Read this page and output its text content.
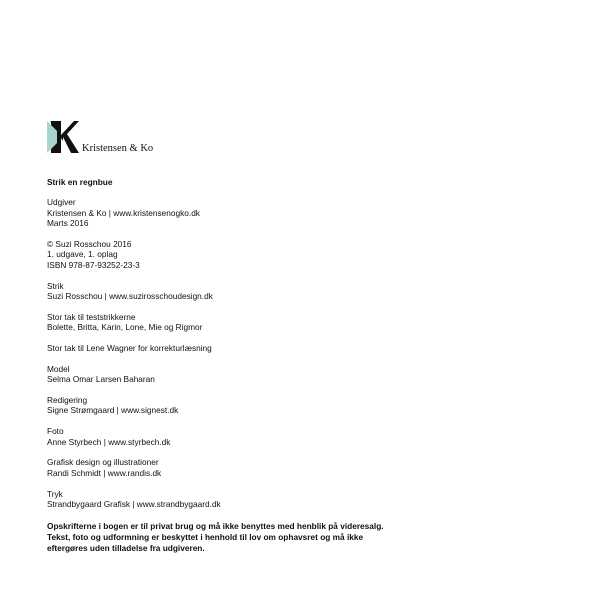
Kristensen & Ko
Strik en regnbue
Udgiver
Kristensen & Ko | www.kristensenogko.dk
Marts 2016
© Suzi Rosschou 2016
1. udgave, 1. oplag
ISBN 978-87-93252-23-3
Strik
Suzi Rosschou | www.suzirosschoudesign.dk
Stor tak til teststrikkerne
Bolette, Britta, Karin, Lone, Mie og Rigmor
Stor tak til Lene Wagner for korrekturlæsning
Model
Selma Omar Larsen Baharan
Redigering
Signe Strømgaard | www.signest.dk
Foto
Anne Styrbech | www.styrbech.dk
Grafisk design og illustrationer
Randi Schmidt | www.randis.dk
Tryk
Strandbygaard Grafisk | www.strandbygaard.dk
Opskrifterne i bogen er til privat brug og må ikke benyttes med henblik på videresalg.
Tekst, foto og udformning er beskyttet i henhold til lov om ophavsret og må ikke
eftergøres uden tilladelse fra udgiveren.
